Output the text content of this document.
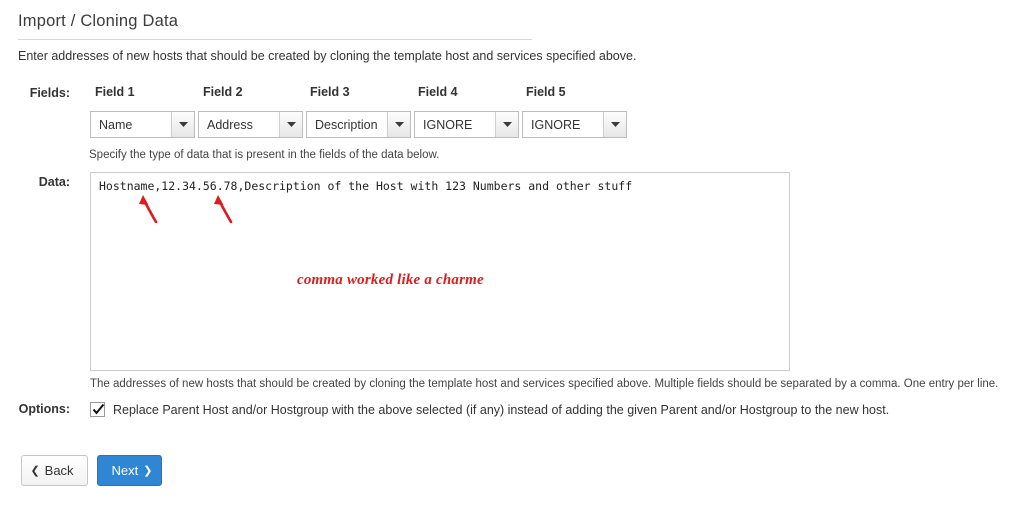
Import / Cloning Data
Enter addresses of new hosts that should be created by cloning the template host and services specified above.
Fields: Field 1	Field 2	Field 3	Field 4	Field 5
Name	Address	Description	IGNORE	IGNORE
Specify the type of data that is present in the fields of the data below.
Data:
Hostname,12.34.56.78,Description of the Host with 123 Numbers and other stuff
The addresses of new hosts that should be created by cloning the template host and services specified above. Multiple fields should be separated by a comma. One entry per line.
comma worked like a charme
Options:	Replace Parent Host and/or Hostgroup with the above selected (if any) instead of adding the given Parent and/or Hostgroup to the new host.
❮ Back	Next ❯
